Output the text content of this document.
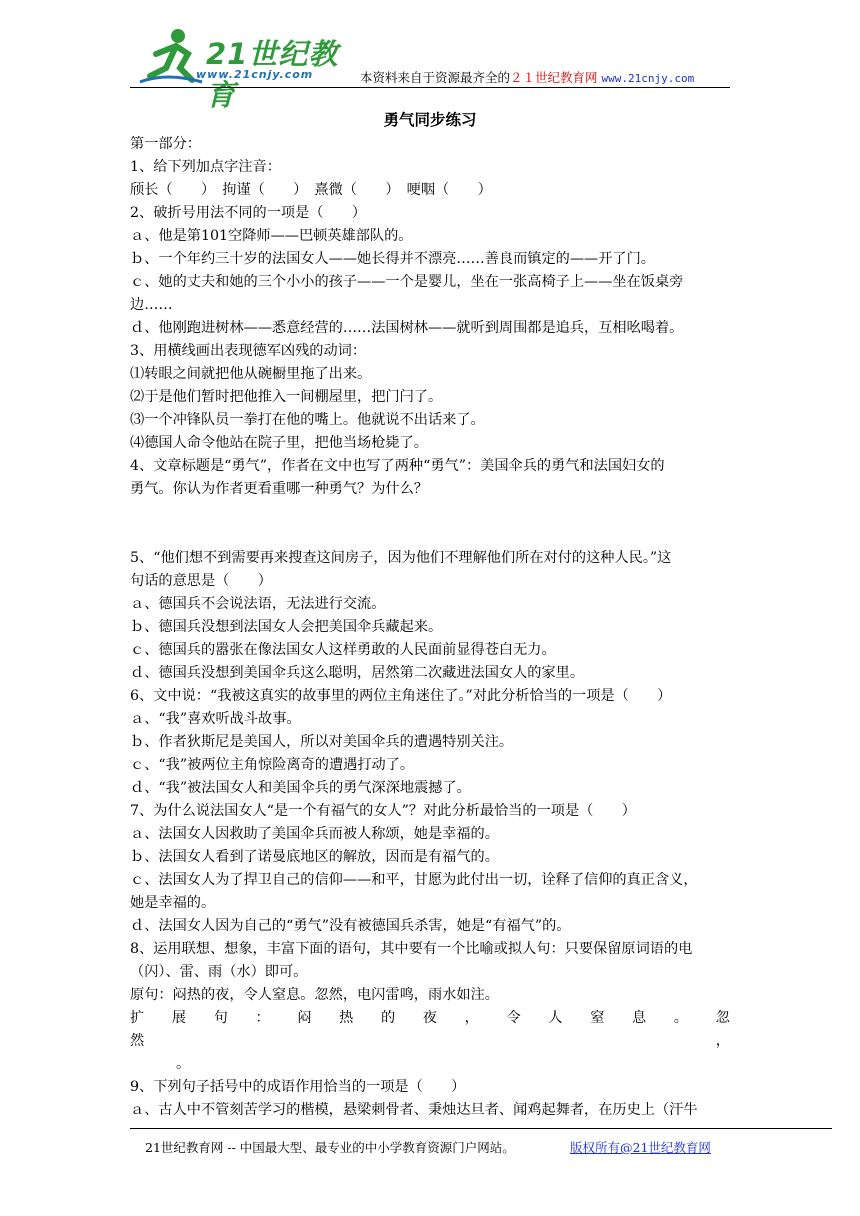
21世纪教育
www.21cnjy.com	本资料来自于资源最齐全的２１世纪教育网 www.21cnjy.com
勇气同步练习

第一部分：

1、给下列加点字注音：

颀长（　　）　拘谨（　　）　熹微（　　）　哽咽（　　）

2、破折号用法不同的一项是（　　）

ａ、他是第101空降师——巴顿英雄部队的。

ｂ、一个年约三十岁的法国女人——她长得并不漂亮……善良而镇定的——开了门。

ｃ、她的丈夫和她的三个小小的孩子——一个是婴儿，坐在一张高椅子上——坐在饭桌旁

边……

ｄ、他刚跑进树林——悉意经营的……法国树林——就听到周围都是追兵，互相吆喝着。

3、用横线画出表现德军凶残的动词：

⑴转眼之间就把他从碗橱里拖了出来。

⑵于是他们暂时把他推入一间棚屋里，把门闩了。

⑶一个冲锋队员一拳打在他的嘴上。他就说不出话来了。

⑷德国人命令他站在院子里，把他当场枪毙了。

4、文章标题是“勇气”，作者在文中也写了两种“勇气”：美国伞兵的勇气和法国妇女的

勇气。你认为作者更看重哪一种勇气？为什么？

5、“他们想不到需要再来搜查这间房子，因为他们不理解他们所在对付的这种人民。”这

句话的意思是（　　）

ａ、德国兵不会说法语，无法进行交流。

ｂ、德国兵没想到法国女人会把美国伞兵藏起来。

ｃ、德国兵的嚣张在像法国女人这样勇敢的人民面前显得苍白无力。

ｄ、德国兵没想到美国伞兵这么聪明，居然第二次藏进法国女人的家里。

6、文中说：“我被这真实的故事里的两位主角迷住了。”对此分析恰当的一项是（　　）

ａ、“我”喜欢听战斗故事。

ｂ、作者狄斯尼是美国人，所以对美国伞兵的遭遇特别关注。

ｃ、“我”被两位主角惊险离奇的遭遇打动了。

ｄ、“我”被法国女人和美国伞兵的勇气深深地震撼了。

7、为什么说法国女人“是一个有福气的女人”？对此分析最恰当的一项是（　　）

ａ、法国女人因救助了美国伞兵而被人称颂，她是幸福的。

ｂ、法国女人看到了诺曼底地区的解放，因而是有福气的。

ｃ、法国女人为了捍卫自己的信仰——和平，甘愿为此付出一切，诠释了信仰的真正含义，

她是幸福的。

ｄ、法国女人因为自己的“勇气”没有被德国兵杀害，她是“有福气”的。

8、运用联想、想象，丰富下面的语句，其中要有一个比喻或拟人句：只要保留原词语的电

（闪）、雷、雨（水）即可。

原句：闷热的夜，令人窒息。忽然，电闪雷鸣，雨水如注。

扩 展 句 ： 闷 热 的 夜 ， 令 人 窒 息 。 忽

然	，

。

9、下列句子括号中的成语作用恰当的一项是（　　）

ａ、古人中不管刻苦学习的楷模，悬梁刺骨者、秉烛达旦者、闻鸡起舞者，在历史上（汗牛

21世纪教育网 -- 中国最大型、最专业的中小学教育资源门户网站。	版权所有@21世纪教育网
